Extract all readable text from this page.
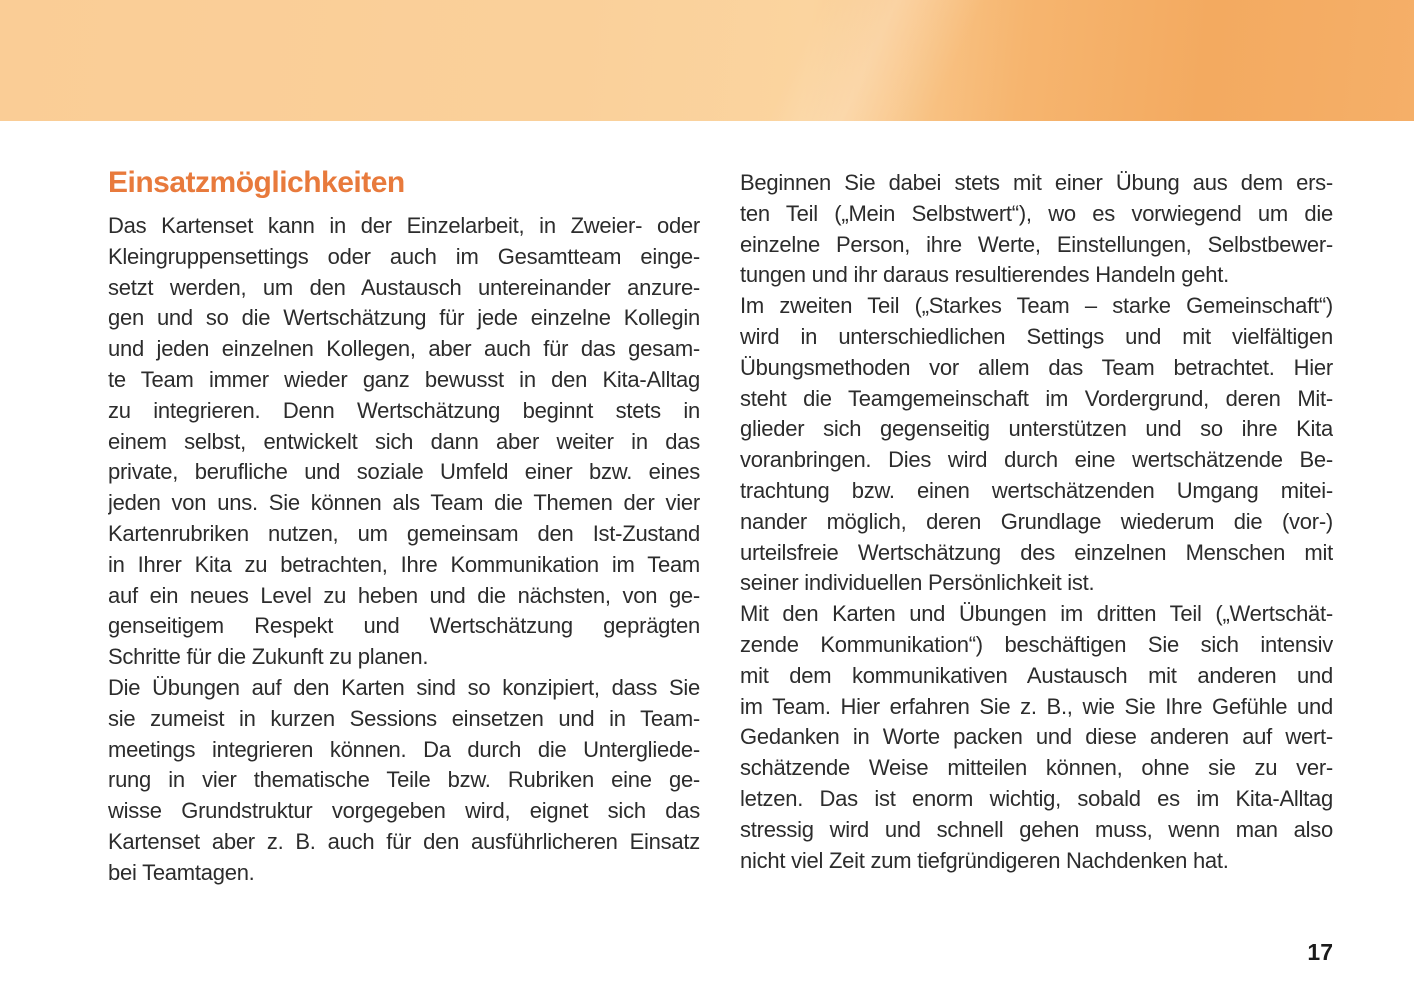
Einsatzmöglichkeiten
Das Kartenset kann in der Einzelarbeit, in Zweier- oder
Kleingruppensettings oder auch im Gesamtteam einge-
setzt werden, um den Austausch untereinander anzure-
gen und so die Wertschätzung für jede einzelne Kollegin
und jeden einzelnen Kollegen, aber auch für das gesam-
te Team immer wieder ganz bewusst in den Kita-Alltag
zu integrieren. Denn Wertschätzung beginnt stets in
einem selbst, entwickelt sich dann aber weiter in das
private, berufliche und soziale Umfeld einer bzw. eines
jeden von uns. Sie können als Team die Themen der vier
Kartenrubriken nutzen, um gemeinsam den Ist-Zustand
in Ihrer Kita zu betrachten, Ihre Kommunikation im Team
auf ein neues Level zu heben und die nächsten, von ge-
genseitigem Respekt und Wertschätzung geprägten
Schritte für die Zukunft zu planen.
Die Übungen auf den Karten sind so konzipiert, dass Sie
sie zumeist in kurzen Sessions einsetzen und in Team-
meetings integrieren können. Da durch die Untergliede-
rung in vier thematische Teile bzw. Rubriken eine ge-
wisse Grundstruktur vorgegeben wird, eignet sich das
Kartenset aber z. B. auch für den ausführlicheren Einsatz
bei Teamtagen.
Beginnen Sie dabei stets mit einer Übung aus dem ers-
ten Teil („Mein Selbstwert“), wo es vorwiegend um die
einzelne Person, ihre Werte, Einstellungen, Selbstbewer-
tungen und ihr daraus resultierendes Handeln geht.
Im zweiten Teil („Starkes Team – starke Gemeinschaft“)
wird in unterschiedlichen Settings und mit vielfältigen
Übungsmethoden vor allem das Team betrachtet. Hier
steht die Teamgemeinschaft im Vordergrund, deren Mit-
glieder sich gegenseitig unterstützen und so ihre Kita
voranbringen. Dies wird durch eine wertschätzende Be-
trachtung bzw. einen wertschätzenden Umgang mitei-
nander möglich, deren Grundlage wiederum die (vor-)
urteilsfreie Wertschätzung des einzelnen Menschen mit
seiner individuellen Persönlichkeit ist.
Mit den Karten und Übungen im dritten Teil („Wertschät-
zende Kommunikation“) beschäftigen Sie sich intensiv
mit dem kommunikativen Austausch mit anderen und
im Team. Hier erfahren Sie z. B., wie Sie Ihre Gefühle und
Gedanken in Worte packen und diese anderen auf wert-
schätzende Weise mitteilen können, ohne sie zu ver-
letzen. Das ist enorm wichtig, sobald es im Kita-Alltag
stressig wird und schnell gehen muss, wenn man also
nicht viel Zeit zum tiefgründigeren Nachdenken hat.
17
